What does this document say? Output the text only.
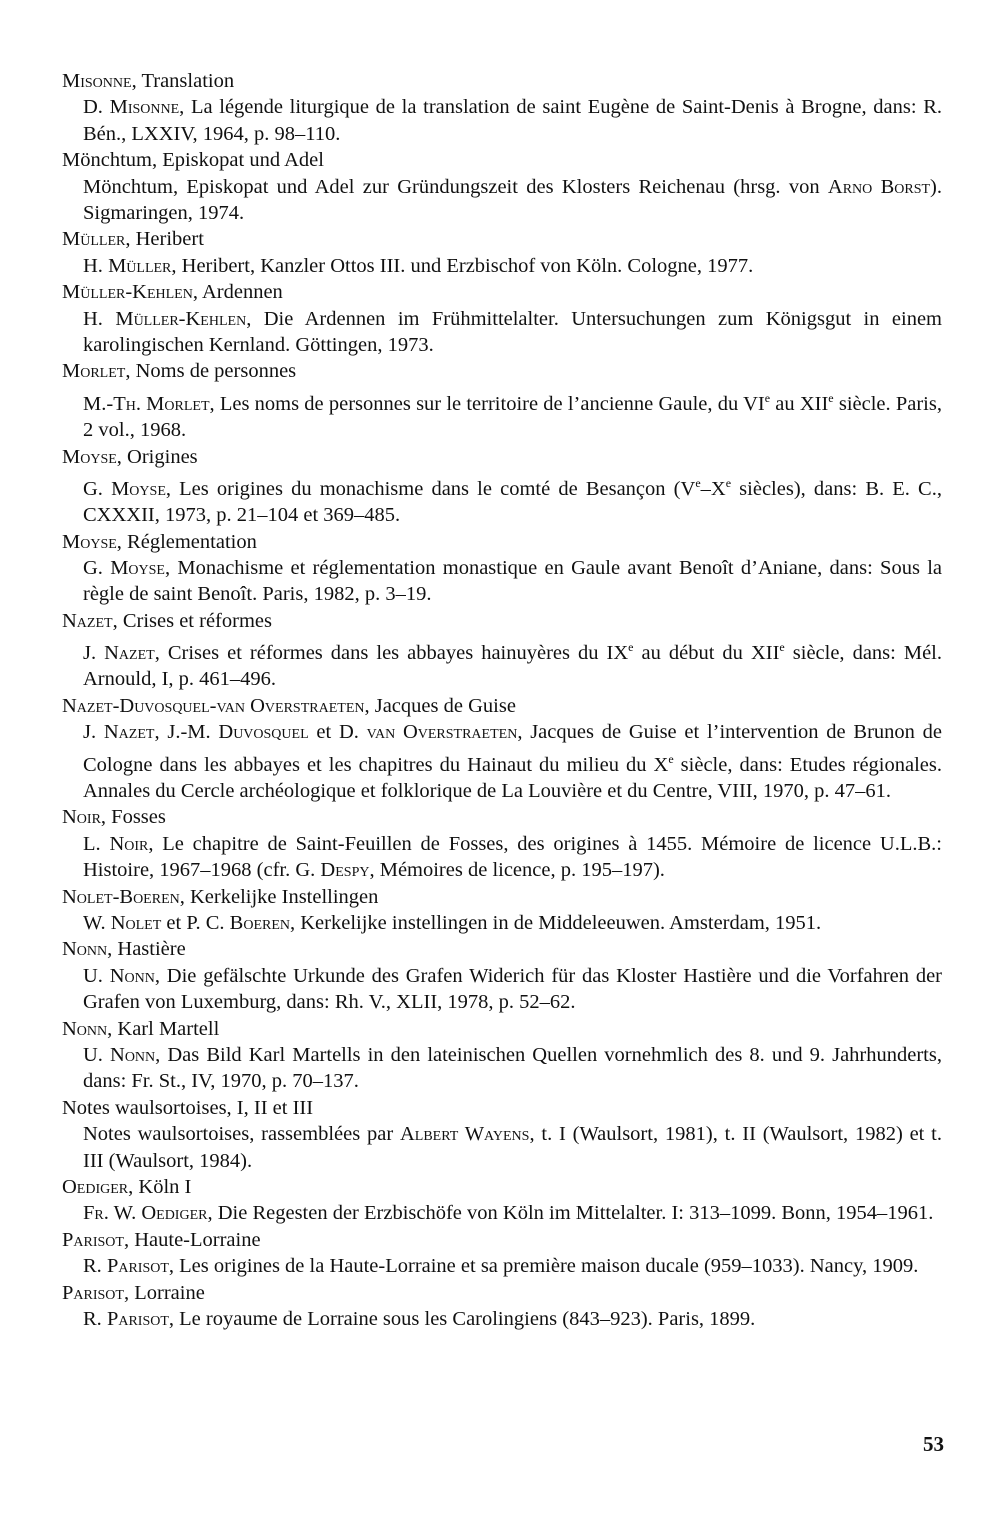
Misonne, Translation

D. Misonne, La légende liturgique de la translation de saint Eugène de Saint-Denis à Brogne, dans: R. Bén., LXXIV, 1964, p. 98–110.

Mönchtum, Episkopat und Adel

Mönchtum, Episkopat und Adel zur Gründungszeit des Klosters Reichenau (hrsg. von Arno Borst). Sigmaringen, 1974.

Müller, Heribert

H. Müller, Heribert, Kanzler Ottos III. und Erzbischof von Köln. Cologne, 1977.

Müller-Kehlen, Ardennen

H. Müller-Kehlen, Die Ardennen im Frühmittelalter. Untersuchungen zum Königsgut in einem karolingischen Kernland. Göttingen, 1973.

Morlet, Noms de personnes

M.-Th. Morlet, Les noms de personnes sur le territoire de l’ancienne Gaule, du VIe au XIIe siècle. Paris, 2 vol., 1968.

Moyse, Origines

G. Moyse, Les origines du monachisme dans le comté de Besançon (Ve–Xe siècles), dans: B. E. C., CXXXII, 1973, p. 21–104 et 369–485.

Moyse, Réglementation

G. Moyse, Monachisme et réglementation monastique en Gaule avant Benoît d’Aniane, dans: Sous la règle de saint Benoît. Paris, 1982, p. 3–19.

Nazet, Crises et réformes

J. Nazet, Crises et réformes dans les abbayes hainuyères du IXe au début du XIIe siècle, dans: Mél. Arnould, I, p. 461–496.

Nazet-Duvosquel-van Overstraeten, Jacques de Guise

J. Nazet, J.-M. Duvosquel et D. van Overstraeten, Jacques de Guise et l’intervention de Brunon de Cologne dans les abbayes et les chapitres du Hainaut du milieu du Xe siècle, dans: Etudes régionales. Annales du Cercle archéologique et folklorique de La Louvière et du Centre, VIII, 1970, p. 47–61.

Noir, Fosses

L. Noir, Le chapitre de Saint-Feuillen de Fosses, des origines à 1455. Mémoire de licence U.L.B.: Histoire, 1967–1968 (cfr. G. Despy, Mémoires de licence, p. 195–197).

Nolet-Boeren, Kerkelijke Instellingen

W. Nolet et P. C. Boeren, Kerkelijke instellingen in de Middeleeuwen. Amsterdam, 1951.

Nonn, Hastière

U. Nonn, Die gefälschte Urkunde des Grafen Widerich für das Kloster Hastière und die Vorfahren der Grafen von Luxemburg, dans: Rh. V., XLII, 1978, p. 52–62.

Nonn, Karl Martell

U. Nonn, Das Bild Karl Martells in den lateinischen Quellen vornehmlich des 8. und 9. Jahrhunderts, dans: Fr. St., IV, 1970, p. 70–137.

Notes waulsortoises, I, II et III

Notes waulsortoises, rassemblées par Albert Wayens, t. I (Waulsort, 1981), t. II (Waulsort, 1982) et t. III (Waulsort, 1984).

Oediger, Köln I

Fr. W. Oediger, Die Regesten der Erzbischöfe von Köln im Mittelalter. I: 313–1099. Bonn, 1954–1961.

Parisot, Haute-Lorraine

R. Parisot, Les origines de la Haute-Lorraine et sa première maison ducale (959–1033). Nancy, 1909.

Parisot, Lorraine

R. Parisot, Le royaume de Lorraine sous les Carolingiens (843–923). Paris, 1899.

53
